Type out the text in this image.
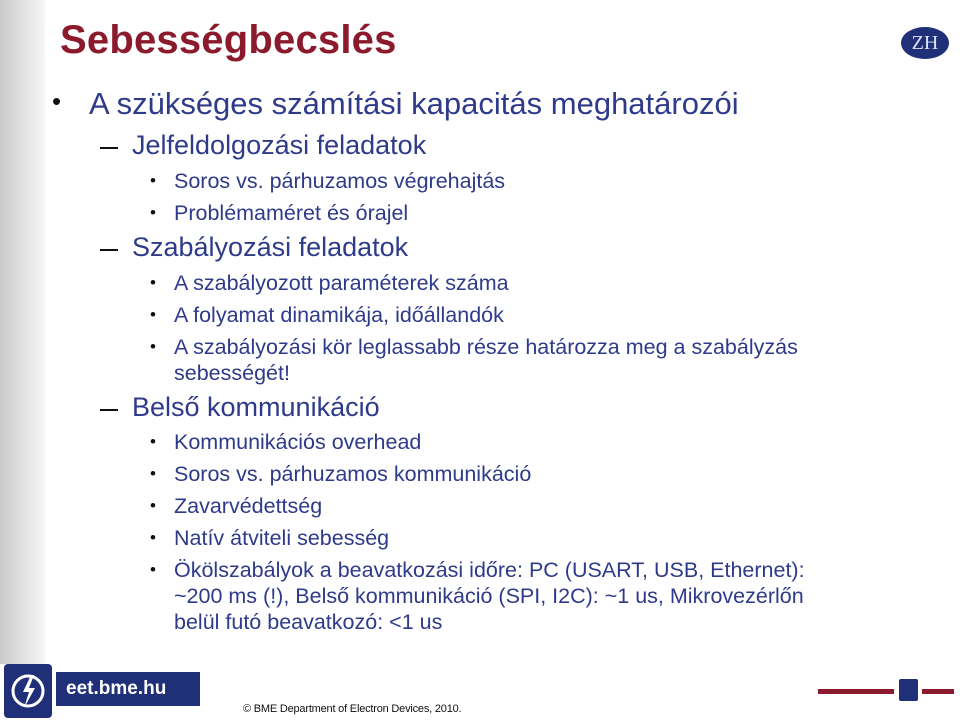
Sebességbecslés	ZH
• A szükséges számítási kapacitás meghatározói
Jelfeldolgozási feladatok
• Soros vs. párhuzamos végrehajtás
• Problémaméret és órajel
Szabályozási feladatok
• A szabályozott paraméterek száma
• A folyamat dinamikája, időállandók
• A szabályozási kör leglassabb része határozza meg a szabályzás
sebességét!
Belső kommunikáció
• Kommunikációs overhead
• Soros vs. párhuzamos kommunikáció
• Zavarvédettség
• Natív átviteli sebesség
• Ökölszabályok a beavatkozási időre: PC (USART, USB, Ethernet):
~200 ms (!), Belső kommunikáció (SPI, I2C): ~1 us, Mikrovezérlőn
belül futó beavatkozó: <1 us
eet.bme.hu
© BME Department of Electron Devices, 2010.
